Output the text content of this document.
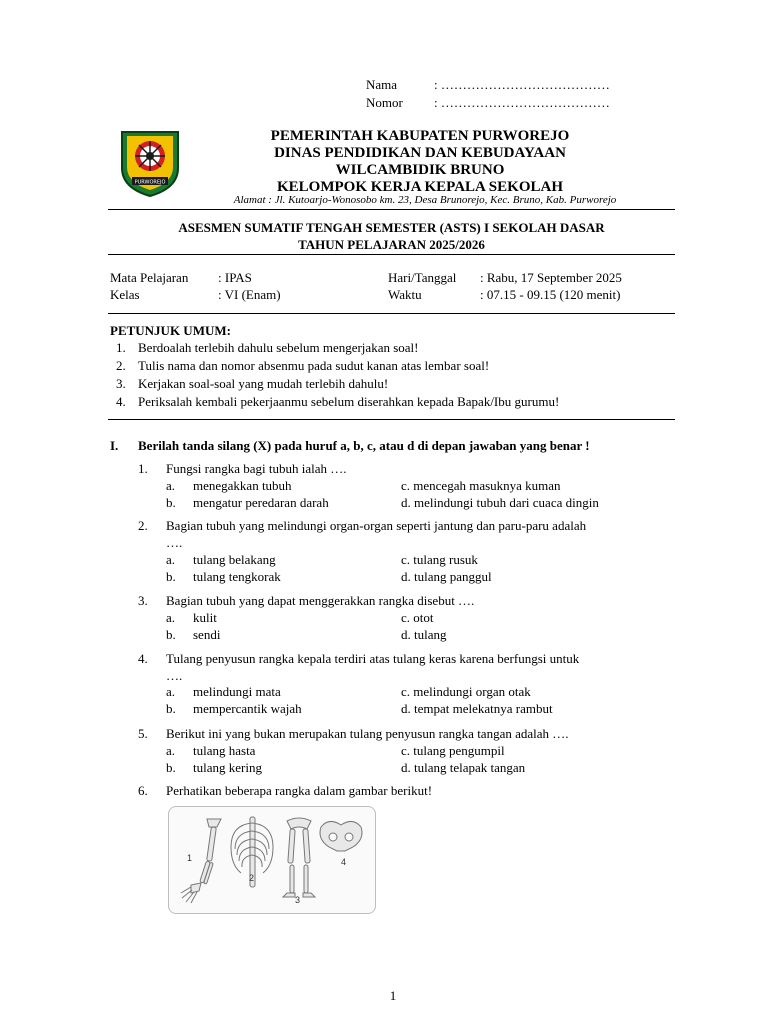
Nama	: …………………………………
Nomor : …………………………………
PURWOREJO
PEMERINTAH KABUPATEN PURWOREJO
DINAS PENDIDIKAN DAN KEBUDAYAAN
WILCAMBIDIK BRUNO
KELOMPOK KERJA KEPALA SEKOLAH
Alamat : Jl. Kutoarjo-Wonosobo km. 23, Desa Brunorejo, Kec. Bruno, Kab. Purworejo
ASESMEN SUMATIF TENGAH SEMESTER (ASTS) I SEKOLAH DASAR
TAHUN PELAJARAN 2025/2026
Mata Pelajaran : IPAS	Hari/Tanggal : Rabu, 17 September 2025
Kelas	: VI (Enam)	Waktu	: 07.15 - 09.15 (120 menit)
PETUNJUK UMUM:
1. Berdoalah terlebih dahulu sebelum mengerjakan soal!
2. Tulis nama dan nomor absenmu pada sudut kanan atas lembar soal!
3. Kerjakan soal-soal yang mudah terlebih dahulu!
4. Periksalah kembali pekerjaanmu sebelum diserahkan kepada Bapak/Ibu gurumu!
I. Berilah tanda silang (X) pada huruf a, b, c, atau d di depan jawaban yang benar !
1. Fungsi rangka bagi tubuh ialah ….
a. menegakkan tubuh	c. mencegah masuknya kuman
b. mengatur peredaran darah	d. melindungi tubuh dari cuaca dingin
2. Bagian tubuh yang melindungi organ-organ seperti jantung dan paru-paru adalah
….
a. tulang belakang	c. tulang rusuk
b. tulang tengkorak	d. tulang panggul
3. Bagian tubuh yang dapat menggerakkan rangka disebut ….
a. kulit	c. otot
b. sendi	d. tulang
4. Tulang penyusun rangka kepala terdiri atas tulang keras karena berfungsi untuk
….
a. melindungi mata	c. melindungi organ otak
b. mempercantik wajah	d. tempat melekatnya rambut
5. Berikut ini yang bukan merupakan tulang penyusun rangka tangan adalah ….
a. tulang hasta	c. tulang pengumpil
b. tulang kering	d. tulang telapak tangan
6. Perhatikan beberapa rangka dalam gambar berikut!
1
2
3
4
1
